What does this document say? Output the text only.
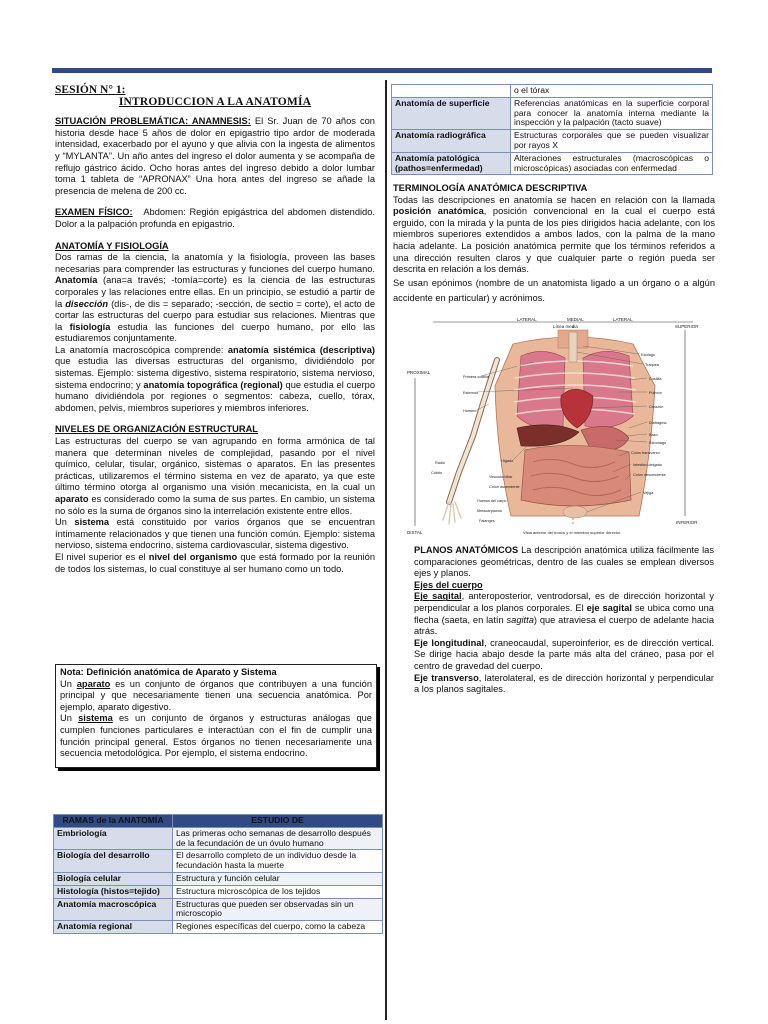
SESIÓN N° 1:

INTRODUCCION A LA ANATOMÍA

SITUACIÓN PROBLEMÁTICA: ANAMNESIS: El Sr. Juan de 70 años con historia desde hace 5 años de dolor en epigastrio tipo ardor de moderada intensidad, exacerbado por el ayuno y que alivia con la ingesta de alimentos y “MYLANTA”. Un año antes del ingreso el dolor aumenta y se acompaña de reflujo gástrico ácido. Ocho horas antes del ingreso debido a dolor lumbar toma 1 tableta de “APRONAX” Una hora antes del ingreso se añade la presencia de melena de 200 cc.

EXAMEN FÍSICO: Abdomen: Región epigástrica del abdomen distendido. Dolor a la palpación profunda en epigastrio.

ANATOMÍA Y FISIOLOGÍA

Dos ramas de la ciencia, la anatomía y la fisiología, proveen las bases necesarias para comprender las estructuras y funciones del cuerpo humano. Anatomía (ana=a través; -tomía=corte) es la ciencia de las estructuras corporales y las relaciones entre ellas. En un principio, se estudió a partir de la disección (dis-, de dis = separado; -sección, de sectio = corte), el acto de cortar las estructuras del cuerpo para estudiar sus relaciones. Mientras que la fisiología estudia las funciones del cuerpo humano, por ello las estudiaremos conjuntamente.

La anatomía macroscópica comprende: anatomía sistémica (descriptiva) que estudia las diversas estructuras del organismo, dividiéndolo por sistemas. Ejemplo: sistema digestivo, sistema respiratorio, sistema nervioso, sistema endocrino; y anatomía topográfica (regional) que estudia el cuerpo humano dividiéndola por regiones o segmentos: cabeza, cuello, tórax, abdomen, pelvis, miembros superiores y miembros inferiores.

NIVELES DE ORGANIZACIÓN ESTRUCTURAL

Las estructuras del cuerpo se van agrupando en forma armónica de tal manera que determinan niveles de complejidad, pasando por el nivel químico, celular, tisular, orgánico, sistemas o aparatos. En las presentes prácticas, utilizaremos el término sistema en vez de aparato, ya que este último término otorga al organismo una visión mecanicista, en la cual un aparato es considerado como la suma de sus partes. En cambio, un sistema no sólo es la suma de órganos sino la interrelación existente entre ellos.

Un sistema está constituido por varios órganos que se encuentran íntimamente relacionados y que tienen una función común. Ejemplo: sistema nervioso, sistema endocrino, sistema cardiovascular, sistema digestivo.

El nivel superior es el nivel del organismo que está formado por la reunión de todos los sistemas, lo cual constituye al ser humano como un todo.

Nota: Definición anatómica de Aparato y Sistema

Un aparato es un conjunto de órganos que contribuyen a una función principal y que necesariamente tienen una secuencia anatómica. Por ejemplo, aparato digestivo.

Un sistema es un conjunto de órganos y estructuras análogas que cumplen funciones particulares e interactúan con el fin de cumplir una función principal general. Estos órganos no tienen necesariamente una secuencia metodológica. Por ejemplo, el sistema endocrino.

RAMAS de la ANATOMÍA	ESTUDIO DE
Embriología	Las primeras ocho semanas de desarrollo después de la fecundación de un óvulo humano
Biología del desarrollo	El desarrollo completo de un individuo desde la fecundación hasta la muerte
Biología celular	Estructura y función celular
Histología (histos=tejido)	Estructura microscópica de los tejidos
Anatomía macroscópica	Estructuras que pueden ser observadas sin un microscopio
Anatomía regional	Regiones específicas del cuerpo, como la cabeza
	o el tórax
Anatomía de superficie	Referencias anatómicas en la superficie corporal para conocer la anatomía interna mediante la inspección y la palpación (tacto suave)
Anatomía radiográfica	Estructuras corporales que se pueden visualizar por rayos X
Anatomía patológica (pathos=enfermedad)	Alteraciones estructurales (macroscópicas o microscópicas) asociadas con enfermedad

TERMINOLOGÍA ANATÓMICA DESCRIPTIVA

Todas las descripciones en anatomía se hacen en relación con la llamada posición anatómica, posición convencional en la cual el cuerpo está erguido, con la mirada y la punta de los pies dirigidos hacia adelante, con los miembros superiores extendidos a ambos lados, con la palma de la mano hacia adelante. La posición anatómica permite que los términos referidos a una dirección resulten claros y que cualquier parte o región pueda ser descrita en relación a los demás.

Se usan epónimos (nombre de un anatomista ligado a un órgano o a algún accidente en particular) y acrónimos.

LATERAL	MEDIAL	LATERAL
Línea media	SUPERIOR
INFERIOR
PROXIMAL
DISTAL
Primera costilla
Esternón
Húmero
Radio
Cúbito
Huesos del carpo
Metacarpianos
Falanges
Hígado
Vesícula biliar
Colon ascendente
Esófago
Tráquea
Costilla
Pulmón
Corazón
Diafragma
Bazo
Estómago
Colon transverso
Intestino delgado
Colon descendente
Vejiga
Vista anterior del tronco y el miembro superior derecho

PLANOS ANATÓMICOS La descripción anatómica utiliza fácilmente las comparaciones geométricas, dentro de las cuales se emplean diversos ejes y planos.

Ejes del cuerpo

Eje sagital, anteroposterior, ventrodorsal, es de dirección horizontal y perpendicular a los planos corporales. El eje sagital se ubica como una flecha (saeta, en latín sagitta) que atraviesa el cuerpo de adelante hacia atrás.

Eje longitudinal, craneocaudal, superoinferior, es de dirección vertical. Se dirige hacia abajo desde la parte más alta del cráneo, pasa por el centro de gravedad del cuerpo.

Eje transverso, laterolateral, es de dirección horizontal y perpendicular a los planos sagitales.
